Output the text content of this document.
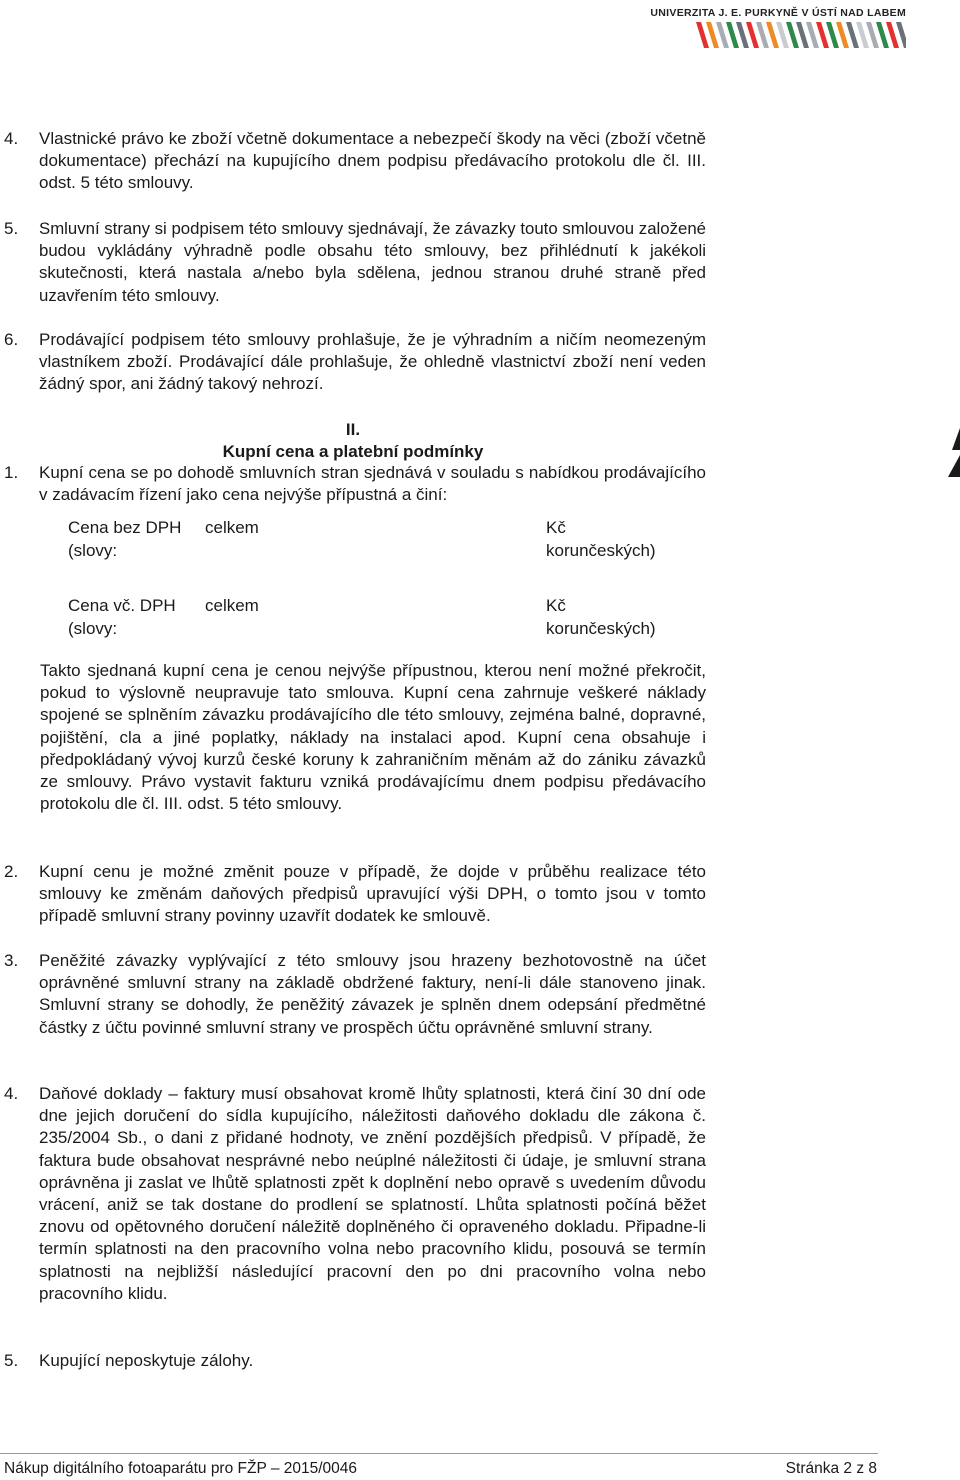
UNIVERZITA J. E. PURKYNĚ V ÚSTÍ NAD LABEM
4. Vlastnické právo ke zboží včetně dokumentace a nebezpečí škody na věci (zboží včetně dokumentace) přechází na kupujícího dnem podpisu předávacího protokolu dle čl. III. odst. 5 této smlouvy.
5. Smluvní strany si podpisem této smlouvy sjednávají, že závazky touto smlouvou založené budou vykládány výhradně podle obsahu této smlouvy, bez přihlédnutí k jakékoli skutečnosti, která nastala a/nebo byla sdělena, jednou stranou druhé straně před uzavřením této smlouvy.
6. Prodávající podpisem této smlouvy prohlašuje, že je výhradním a ničím neomezeným vlastníkem zboží. Prodávající dále prohlašuje, že ohledně vlastnictví zboží není veden žádný spor, ani žádný takový nehrozí.
II.
Kupní cena a platební podmínky
1. Kupní cena se po dohodě smluvních stran sjednává v souladu s nabídkou prodávajícího v zadávacím řízení jako cena nejvýše přípustná a činí:
Cena bez DPH celkem	Kč
(slovy:	korunčeských)
Cena vč. DPH celkem	Kč
(slovy:	korunčeských)
Takto sjednaná kupní cena je cenou nejvýše přípustnou, kterou není možné překročit, pokud to výslovně neupravuje tato smlouva. Kupní cena zahrnuje veškeré náklady spojené se splněním závazku prodávajícího dle této smlouvy, zejména balné, dopravné, pojištění, cla a jiné poplatky, náklady na instalaci apod. Kupní cena obsahuje i předpokládaný vývoj kurzů české koruny k zahraničním měnám až do zániku závazků ze smlouvy. Právo vystavit fakturu vzniká prodávajícímu dnem podpisu předávacího protokolu dle čl. III. odst. 5 této smlouvy.
2. Kupní cenu je možné změnit pouze v případě, že dojde v průběhu realizace této smlouvy ke změnám daňových předpisů upravující výši DPH, o tomto jsou v tomto případě smluvní strany povinny uzavřít dodatek ke smlouvě.
3. Peněžité závazky vyplývající z této smlouvy jsou hrazeny bezhotovostně na účet oprávněné smluvní strany na základě obdržené faktury, není-li dále stanoveno jinak. Smluvní strany se dohodly, že peněžitý závazek je splněn dnem odepsání předmětné částky z účtu povinné smluvní strany ve prospěch účtu oprávněné smluvní strany.
4. Daňové doklady – faktury musí obsahovat kromě lhůty splatnosti, která činí 30 dní ode dne jejich doručení do sídla kupujícího, náležitosti daňového dokladu dle zákona č. 235/2004 Sb., o dani z přidané hodnoty, ve znění pozdějších předpisů. V případě, že faktura bude obsahovat nesprávné nebo neúplné náležitosti či údaje, je smluvní strana oprávněna ji zaslat ve lhůtě splatnosti zpět k doplnění nebo opravě s uvedením důvodu vrácení, aniž se tak dostane do prodlení se splatností. Lhůta splatnosti počíná běžet znovu od opětovného doručení náležitě doplněného či opraveného dokladu. Připadne-li termín splatnosti na den pracovního volna nebo pracovního klidu, posouvá se termín splatnosti na nejbližší následující pracovní den po dni pracovního volna nebo pracovního klidu.
5. Kupující neposkytuje zálohy.
Nákup digitálního fotoaparátu pro FŽP – 2015/0046	Stránka 2 z 8
